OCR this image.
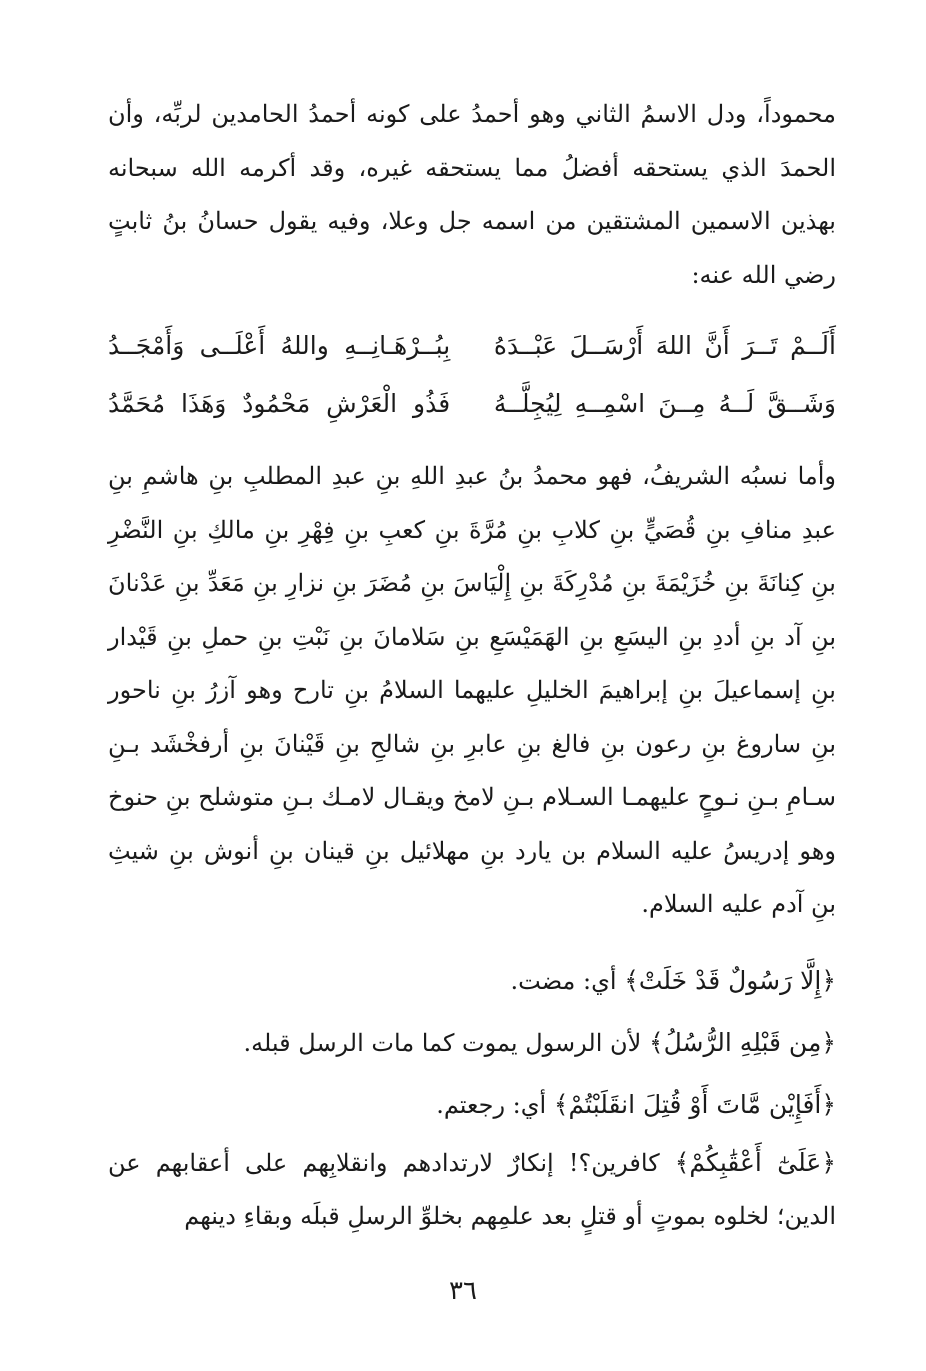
محموداً، ودل الاسمُ الثاني وهو أحمدُ على كونه أحمدُ الحامدين لربِّه، وأن الحمدَ الذي يستحقه أفضلُ مما يستحقه غيره، وقد أكرمه الله سبحانه بهذين الاسمين المشتقين من اسمه جل وعلا، وفيه يقول حسانُ بنُ ثابتٍ رضي الله عنه:

أَلَــمْ تَــرَ أَنَّ اللهَ أَرْسَــلَ عَبْــدَهُ
بِبُــرْهَـانِــهِ واللهُ أَعْلَــى وَأَمْجَــدُ
وَشَــقَّ لَــهُ مِــنَ اسْمِــهِ لِيُجِلَّــهُ
فَذُو الْعَرْشِ مَحْمُودٌ وَهَذَا مُحَمَّدُ

وأما نسبُه الشريفُ، فهو محمدُ بنُ عبدِ اللهِ بنِ عبدِ المطلبِ بنِ هاشمِ بنِ عبدِ منافِ بنِ قُصَيٍّ بنِ كلابِ بنِ مُرَّةَ بنِ كعبِ بنِ فِهْرِ بنِ مالكِ بنِ النَّضْرِ بنِ كِنانَةَ بنِ خُزَيْمَةَ بنِ مُدْرِكَةَ بنِ إِلْيَاسَ بنِ مُضَرَ بنِ نزارِ بنِ مَعَدِّ بنِ عَدْنانَ بنِ آد بنِ أددِ بنِ اليسَعِ بنِ الهَمَيْسَعِ بنِ سَلامانَ بنِ نَبْتِ بنِ حملِ بنِ قَيْدار بنِ إسماعيلَ بنِ إبراهيمَ الخليلِ عليهما السلامُ بنِ تارح وهو آزرُ بنِ ناحور بنِ ساروغ بنِ رعون بنِ فالغ بنِ عابرِ بنِ شالحِ بنِ قَيْنانَ بنِ أرفخْشَد بـنِ سـامِ بـنِ نـوحٍ عليهمـا السـلام بـنِ لامخ ويقـال لامـك بـنِ متوشلح بنِ حنوخ وهو إدريسُ عليه السلام بن يارد بنِ مهلائيل بنِ قينان بنِ أنوش بنِ شيثِ بنِ آدم عليه السلام.

﴿إِلَّا رَسُولٌ قَدْ خَلَتْ﴾ أي: مضت.

﴿مِن قَبْلِهِ الرُّسُلُ﴾ لأن الرسول يموت كما مات الرسل قبله.

﴿أَفَإِيْن مَّاتَ أَوْ قُتِلَ انقَلَبْتُمْ﴾ أي: رجعتم.

﴿عَلَىٰٓ أَعْقَٰبِكُمْ﴾ كافرين؟! إنكارٌ لارتدادهم وانقلابِهم على أعقابهم عن الدين؛ لخلوه بموتٍ أو قتلٍ بعد علمِهم بخلوِّ الرسلِ قبلَه وبقاءِ دينهم

٣٦
